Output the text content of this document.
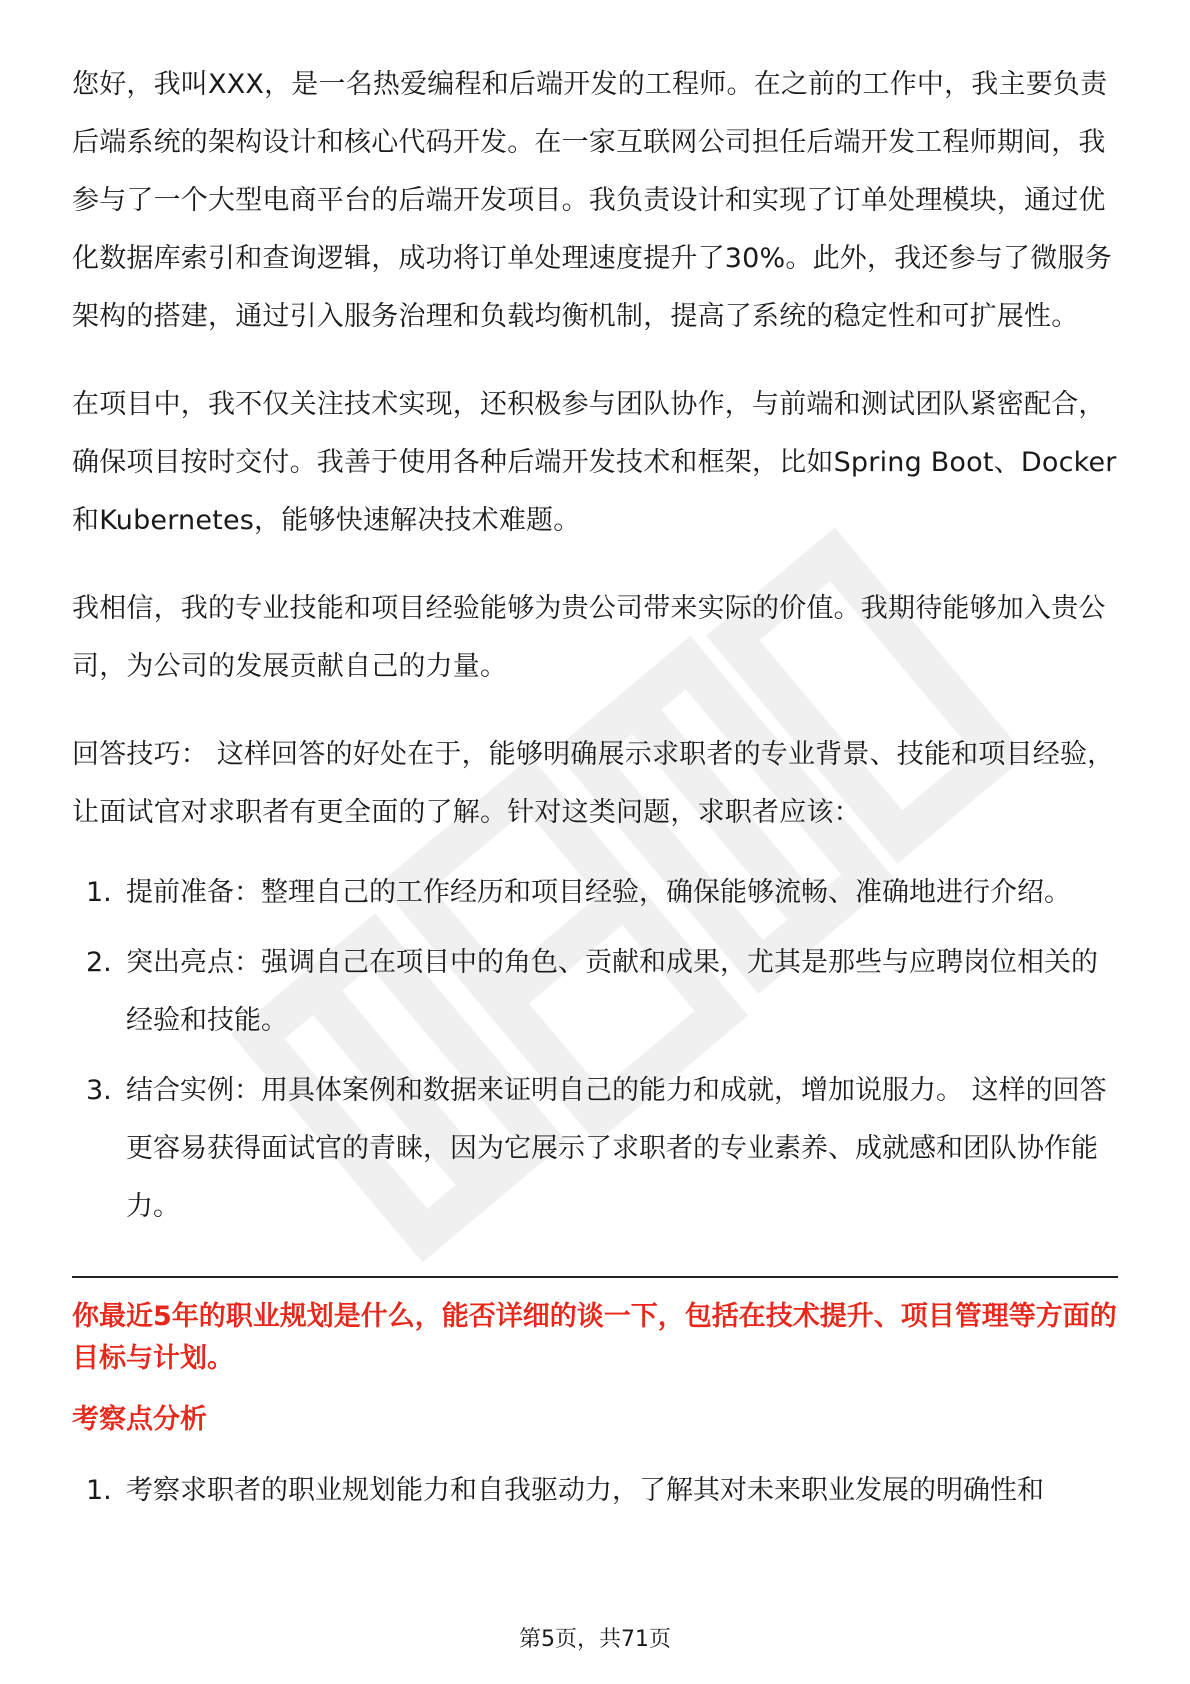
您好，我叫XXX，是一名热爱编程和后端开发的工程师。在之前的工作中，我主要负责后端系统的架构设计和核心代码开发。在一家互联网公司担任后端开发工程师期间，我参与了一个大型电商平台的后端开发项目。我负责设计和实现了订单处理模块，通过优化数据库索引和查询逻辑，成功将订单处理速度提升了30%。此外，我还参与了微服务架构的搭建，通过引入服务治理和负载均衡机制，提高了系统的稳定性和可扩展性。

在项目中，我不仅关注技术实现，还积极参与团队协作，与前端和测试团队紧密配合，确保项目按时交付。我善于使用各种后端开发技术和框架，比如Spring Boot、Docker和Kubernetes，能够快速解决技术难题。

我相信，我的专业技能和项目经验能够为贵公司带来实际的价值。我期待能够加入贵公司，为公司的发展贡献自己的力量。

回答技巧： 这样回答的好处在于，能够明确展示求职者的专业背景、技能和项目经验，让面试官对求职者有更全面的了解。针对这类问题，求职者应该：

1. 提前准备：整理自己的工作经历和项目经验，确保能够流畅、准确地进行介绍。
2. 突出亮点：强调自己在项目中的角色、贡献和成果，尤其是那些与应聘岗位相关的经验和技能。
3. 结合实例：用具体案例和数据来证明自己的能力和成就，增加说服力。 这样的回答更容易获得面试官的青睐，因为它展示了求职者的专业素养、成就感和团队协作能力。

你最近5年的职业规划是什么，能否详细的谈一下，包括在技术提升、项目管理等方面的目标与计划。

考察点分析
1. 考察求职者的职业规划能力和自我驱动力，了解其对未来职业发展的明确性和
第5页，共71页
